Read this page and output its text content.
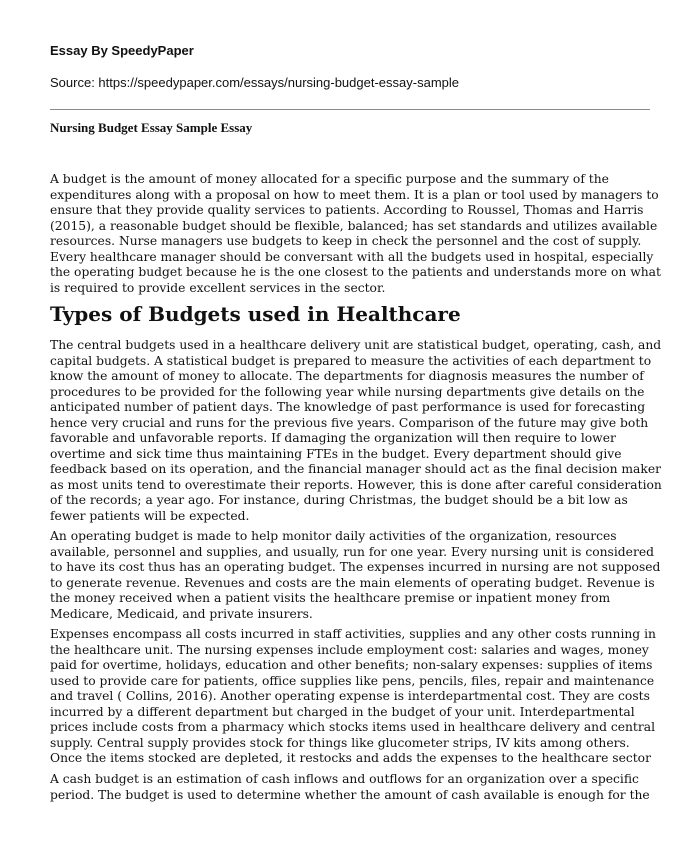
Essay By SpeedyPaper

Source: https://speedypaper.com/essays/nursing-budget-essay-sample

Nursing Budget Essay Sample Essay

A budget is the amount of money allocated for a specific purpose and the summary of the expenditures along with a proposal on how to meet them. It is a plan or tool used by managers to ensure that they provide quality services to patients. According to Roussel, Thomas and Harris (2015), a reasonable budget should be flexible, balanced; has set standards and utilizes available resources. Nurse managers use budgets to keep in check the personnel and the cost of supply. Every healthcare manager should be conversant with all the budgets used in hospital, especially the operating budget because he is the one closest to the patients and understands more on what is required to provide excellent services in the sector.

Types of Budgets used in Healthcare

The central budgets used in a healthcare delivery unit are statistical budget, operating, cash, and capital budgets. A statistical budget is prepared to measure the activities of each department to know the amount of money to allocate. The departments for diagnosis measures the number of procedures to be provided for the following year while nursing departments give details on the anticipated number of patient days. The knowledge of past performance is used for forecasting hence very crucial and runs for the previous five years. Comparison of the future may give both favorable and unfavorable reports. If damaging the organization will then require to lower overtime and sick time thus maintaining FTEs in the budget. Every department should give feedback based on its operation, and the financial manager should act as the final decision maker as most units tend to overestimate their reports. However, this is done after careful consideration of the records; a year ago. For instance, during Christmas, the budget should be a bit low as fewer patients will be expected.

An operating budget is made to help monitor daily activities of the organization, resources available, personnel and supplies, and usually, run for one year. Every nursing unit is considered to have its cost thus has an operating budget. The expenses incurred in nursing are not supposed to generate revenue. Revenues and costs are the main elements of operating budget. Revenue is the money received when a patient visits the healthcare premise or inpatient money from Medicare, Medicaid, and private insurers.

Expenses encompass all costs incurred in staff activities, supplies and any other costs running in the healthcare unit. The nursing expenses include employment cost: salaries and wages, money paid for overtime, holidays, education and other benefits; non-salary expenses: supplies of items used to provide care for patients, office supplies like pens, pencils, files, repair and maintenance and travel ( Collins, 2016). Another operating expense is interdepartmental cost. They are costs incurred by a different department but charged in the budget of your unit. Interdepartmental prices include costs from a pharmacy which stocks items used in healthcare delivery and central supply. Central supply provides stock for things like glucometer strips, IV kits among others. Once the items stocked are depleted, it restocks and adds the expenses to the healthcare sector

A cash budget is an estimation of cash inflows and outflows for an organization over a specific period. The budget is used to determine whether the amount of cash available is enough for the
